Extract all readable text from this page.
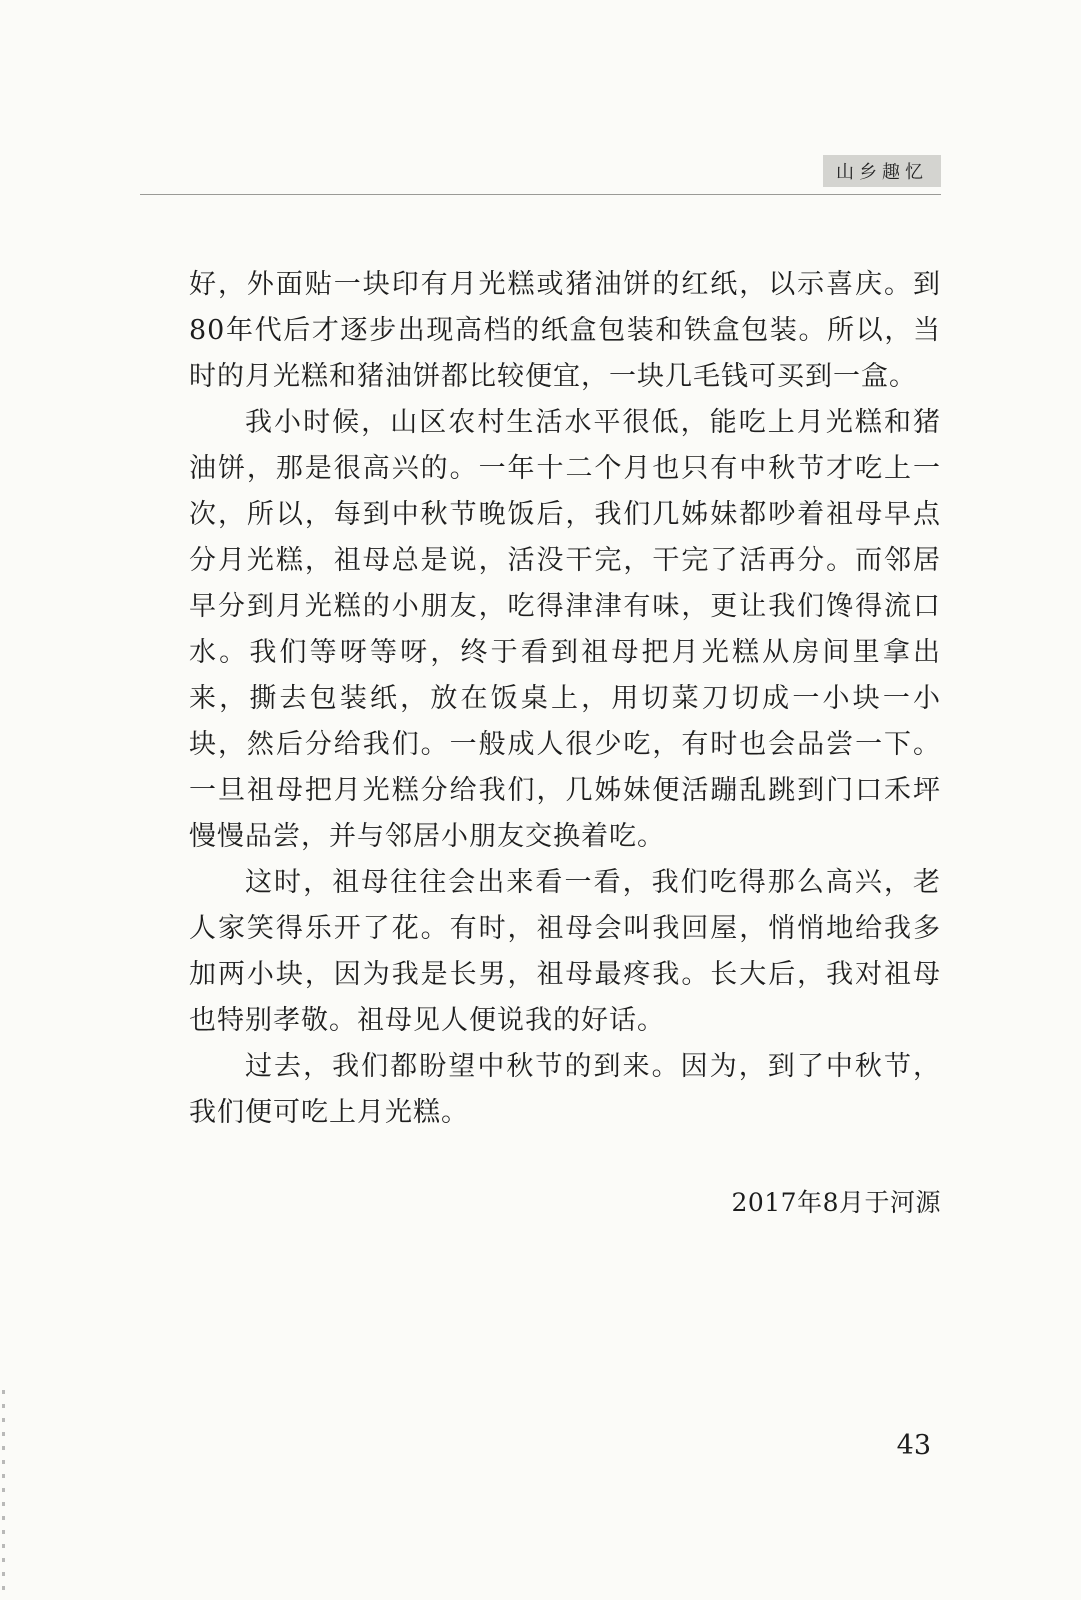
山乡趣忆

好，外面贴一块印有月光糕或猪油饼的红纸，以示喜庆。到80年代后才逐步出现高档的纸盒包装和铁盒包装。所以，当时的月光糕和猪油饼都比较便宜，一块几毛钱可买到一盒。

我小时候，山区农村生活水平很低，能吃上月光糕和猪油饼，那是很高兴的。一年十二个月也只有中秋节才吃上一次，所以，每到中秋节晚饭后，我们几姊妹都吵着祖母早点分月光糕，祖母总是说，活没干完，干完了活再分。而邻居早分到月光糕的小朋友，吃得津津有味，更让我们馋得流口水。我们等呀等呀，终于看到祖母把月光糕从房间里拿出来，撕去包装纸，放在饭桌上，用切菜刀切成一小块一小块，然后分给我们。一般成人很少吃，有时也会品尝一下。一旦祖母把月光糕分给我们，几姊妹便活蹦乱跳到门口禾坪慢慢品尝，并与邻居小朋友交换着吃。

这时，祖母往往会出来看一看，我们吃得那么高兴，老人家笑得乐开了花。有时，祖母会叫我回屋，悄悄地给我多加两小块，因为我是长男，祖母最疼我。长大后，我对祖母也特别孝敬。祖母见人便说我的好话。

过去，我们都盼望中秋节的到来。因为，到了中秋节，我们便可吃上月光糕。

2017年8月于河源
43
